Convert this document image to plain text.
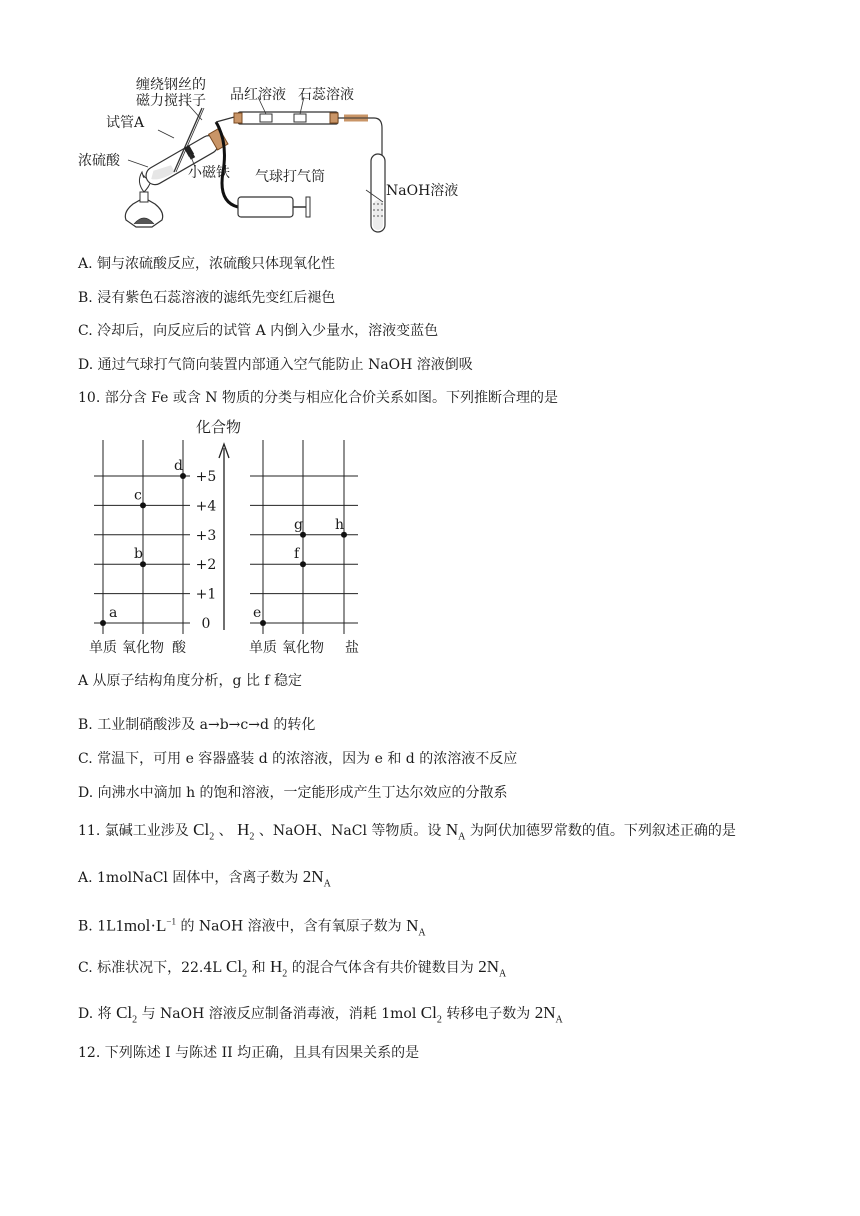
缠绕钢丝的
磁力搅拌子
试管A
浓硫酸
小磁铁
品红溶液 石蕊溶液
气球打气筒
NaOH溶液
A. 铜与浓硫酸反应，浓硫酸只体现氧化性
B. 浸有紫色石蕊溶液的滤纸先变红后褪色
C. 冷却后，向反应后的试管 A 内倒入少量水，溶液变蓝色
D. 通过气球打气筒向装置内部通入空气能防止 NaOH 溶液倒吸
10. 部分含 Fe 或含 N 物质的分类与相应化合价关系如图。下列推断合理的是
+5
+4
+3
+2
+1
0
单质 氧化物 酸	单质 氧化物 盐
a
b
c
d
e
f
g h
化合物
A 从原子结构角度分析，g 比 f 稳定
B. 工业制硝酸涉及 a→b→c→d 的转化
C. 常温下，可用 e 容器盛装 d 的浓溶液，因为 e 和 d 的浓溶液不反应
D. 向沸水中滴加 h 的饱和溶液，一定能形成产生丁达尔效应的分散系
11. 氯碱工业涉及 $Cl_2$ 、 $H_2$ 、NaOH、NaCl 等物质。设 $N_A$ 为阿伏加德罗常数的值。下列叙述正确的是
A. 1molNaCl 固体中，含离子数为 $2N_A$
B. $1L1mol\cdot L^{-1}$ 的 NaOH 溶液中，含有氧原子数为 $N_A$
C. 标准状况下，22.4L $Cl_2$ 和 $H_2$ 的混合气体含有共价键数目为 $2N_A$
D. 将 $Cl_2$ 与 NaOH 溶液反应制备消毒液，消耗 1mol $Cl_2$ 转移电子数为 $2N_A$
12. 下列陈述 I 与陈述 II 均正确，且具有因果关系的是
